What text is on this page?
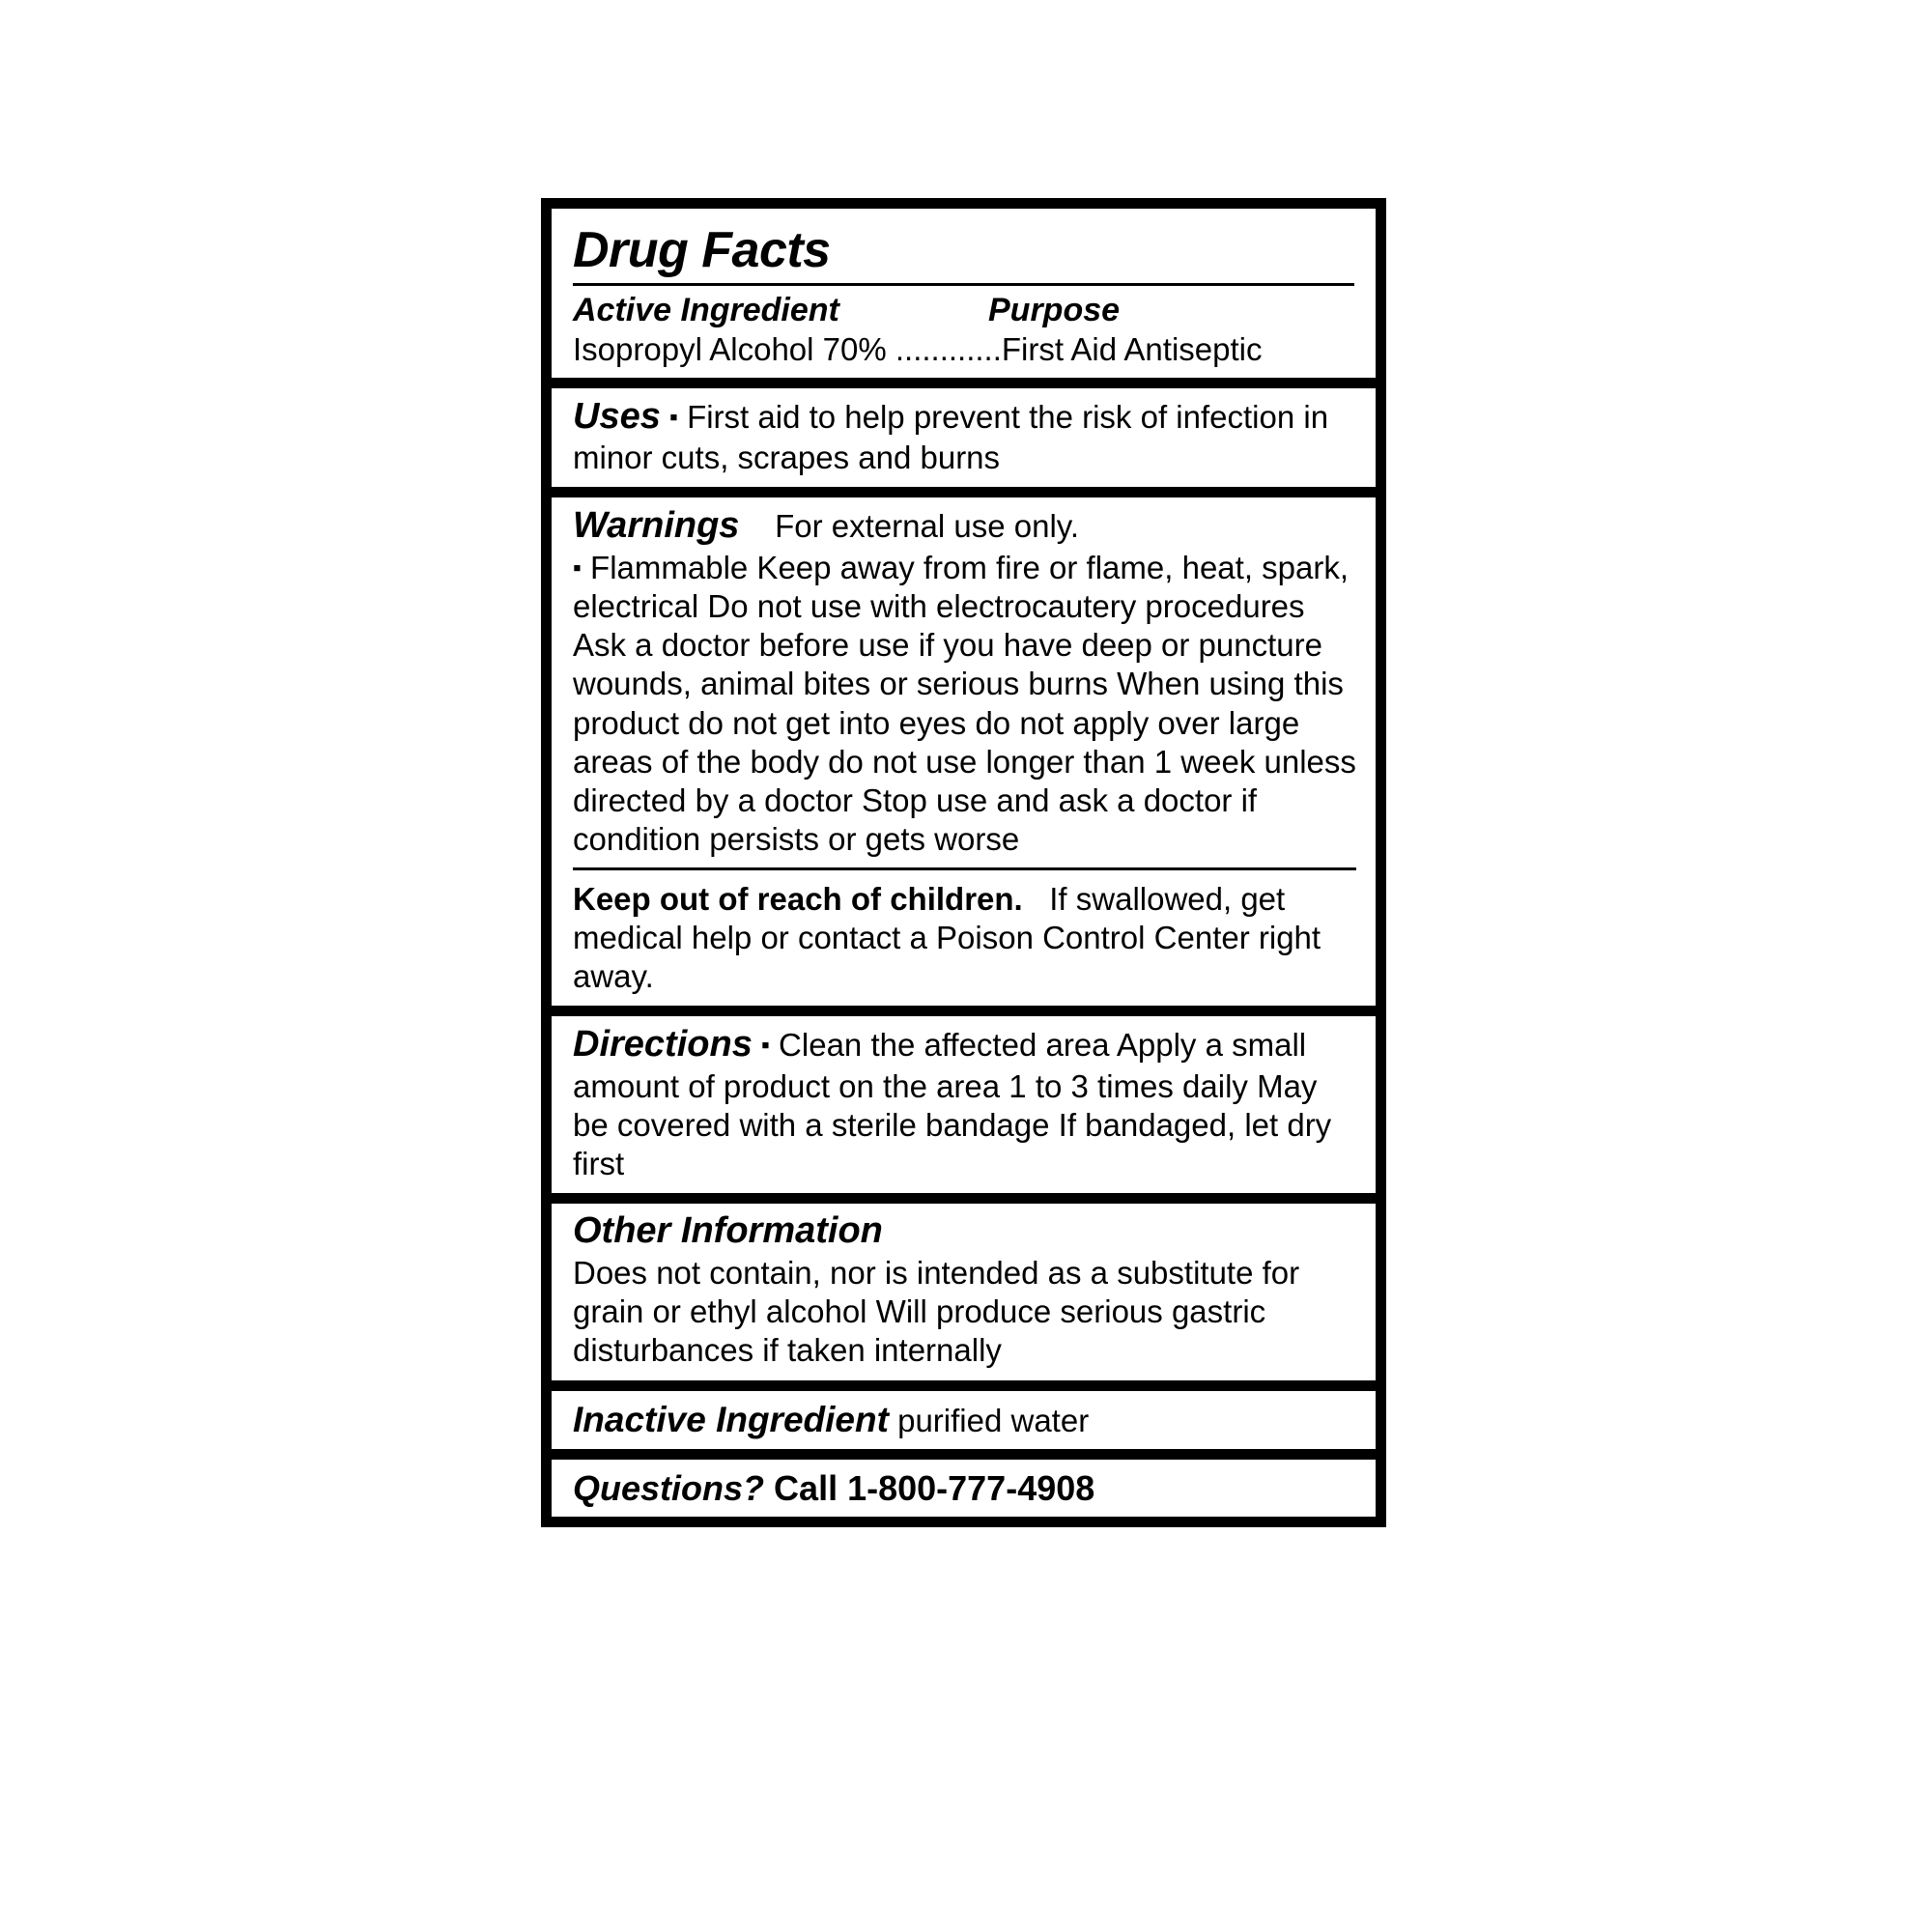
Drug Facts
Active Ingredient	Purpose
Isopropyl Alcohol 70% ............First Aid Antiseptic
Uses ▪ First aid to help prevent the risk of infection in minor cuts, scrapes and burns
Warnings For external use only.
▪ Flammable Keep away from fire or flame, heat, spark, electrical Do not use with electrocautery procedures Ask a doctor before use if you have deep or puncture wounds, animal bites or serious burns When using this product do not get into eyes do not apply over large areas of the body do not use longer than 1 week unless directed by a doctor Stop use and ask a doctor if condition persists or gets worse
Keep out of reach of children. If swallowed, get medical help or contact a Poison Control Center right away.
Directions ▪ Clean the affected area Apply a small amount of product on the area 1 to 3 times daily May be covered with a sterile bandage If bandaged, let dry first
Other Information
Does not contain, nor is intended as a substitute for grain or ethyl alcohol Will produce serious gastric disturbances if taken internally
Inactive Ingredient purified water
Questions? Call 1-800-777-4908
